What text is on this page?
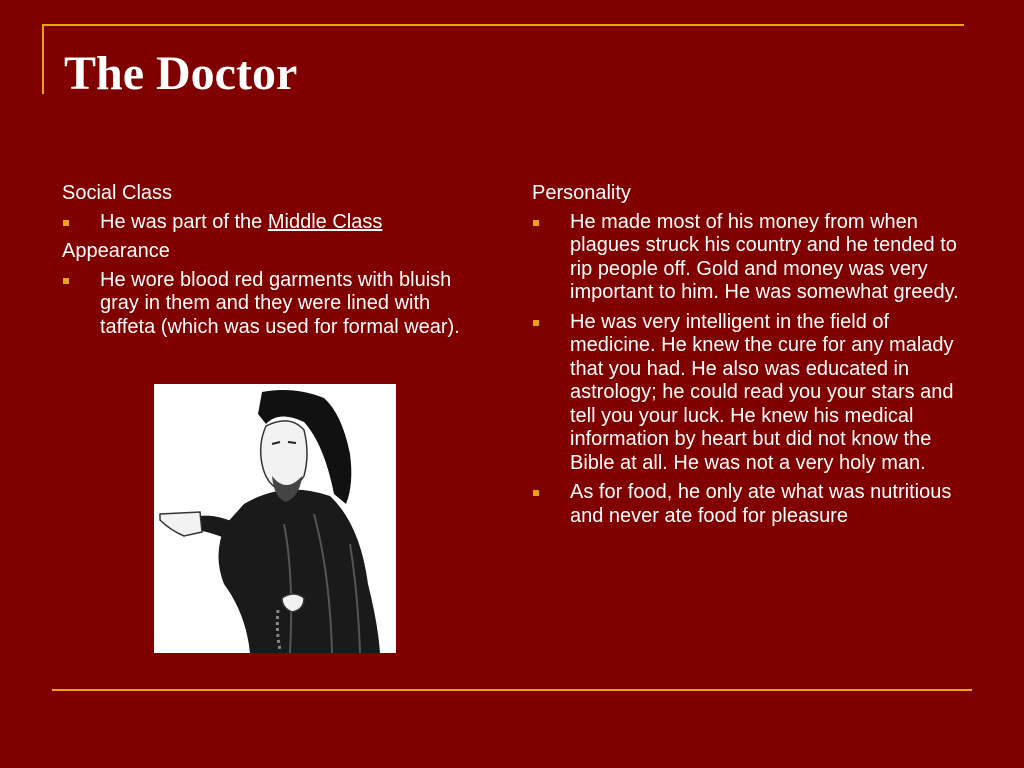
The Doctor
Social Class
He was part of the Middle Class
Appearance
He wore blood red garments with bluish gray in them and they were lined with taffeta (which was used for formal wear).
Personality
He made most of his money from when plagues struck his country and he tended to rip people off. Gold and money was very important to him. He was somewhat greedy.
He was very intelligent in the field of medicine. He knew the cure for any malady that you had. He also was educated in astrology; he could read you your stars and tell you your luck. He knew his medical information by heart but did not know the Bible at all. He was not a very holy man.
As for food, he only ate what was nutritious and never ate food for pleasure
